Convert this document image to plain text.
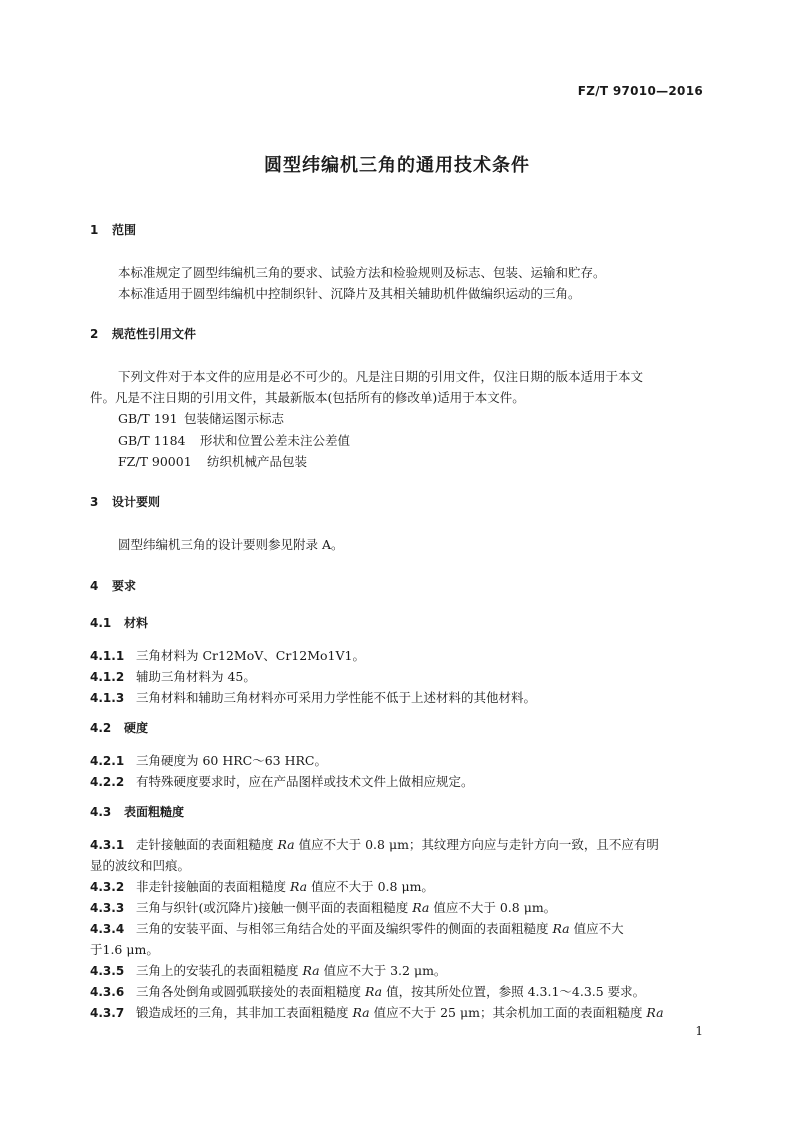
FZ/T 97010—2016
圆型纬编机三角的通用技术条件
1 范围
本标准规定了圆型纬编机三角的要求、试验方法和检验规则及标志、包装、运输和贮存。
本标准适用于圆型纬编机中控制织针、沉降片及其相关辅助机件做编织运动的三角。
2 规范性引用文件
下列文件对于本文件的应用是必不可少的。凡是注日期的引用文件，仅注日期的版本适用于本文
件。凡是不注日期的引用文件，其最新版本(包括所有的修改单)适用于本文件。
GB/T 191 包装储运图示标志
GB/T 1184 形状和位置公差未注公差值
FZ/T 90001 纺织机械产品包装
3 设计要则
圆型纬编机三角的设计要则参见附录 A。
4 要求
4.1 材料
4.1.1 三角材料为 Cr12MoV、Cr12Mo1V1。
4.1.2 辅助三角材料为 45。
4.1.3 三角材料和辅助三角材料亦可采用力学性能不低于上述材料的其他材料。
4.2 硬度
4.2.1 三角硬度为 60 HRC～63 HRC。
4.2.2 有特殊硬度要求时，应在产品图样或技术文件上做相应规定。
4.3 表面粗糙度
4.3.1 走针接触面的表面粗糙度 Ra 值应不大于 0.8 μm；其纹理方向应与走针方向一致，且不应有明
显的波纹和凹痕。
4.3.2 非走针接触面的表面粗糙度 Ra 值应不大于 0.8 μm。
4.3.3 三角与织针(或沉降片)接触一侧平面的表面粗糙度 Ra 值应不大于 0.8 μm。
4.3.4 三角的安装平面、与相邻三角结合处的平面及编织零件的侧面的表面粗糙度 Ra 值应不大
于1.6 μm。
4.3.5 三角上的安装孔的表面粗糙度 Ra 值应不大于 3.2 μm。
4.3.6 三角各处倒角或圆弧联接处的表面粗糙度 Ra 值，按其所处位置，参照 4.3.1～4.3.5 要求。
4.3.7 锻造成坯的三角，其非加工表面粗糙度 Ra 值应不大于 25 μm；其余机加工面的表面粗糙度 Ra
1
